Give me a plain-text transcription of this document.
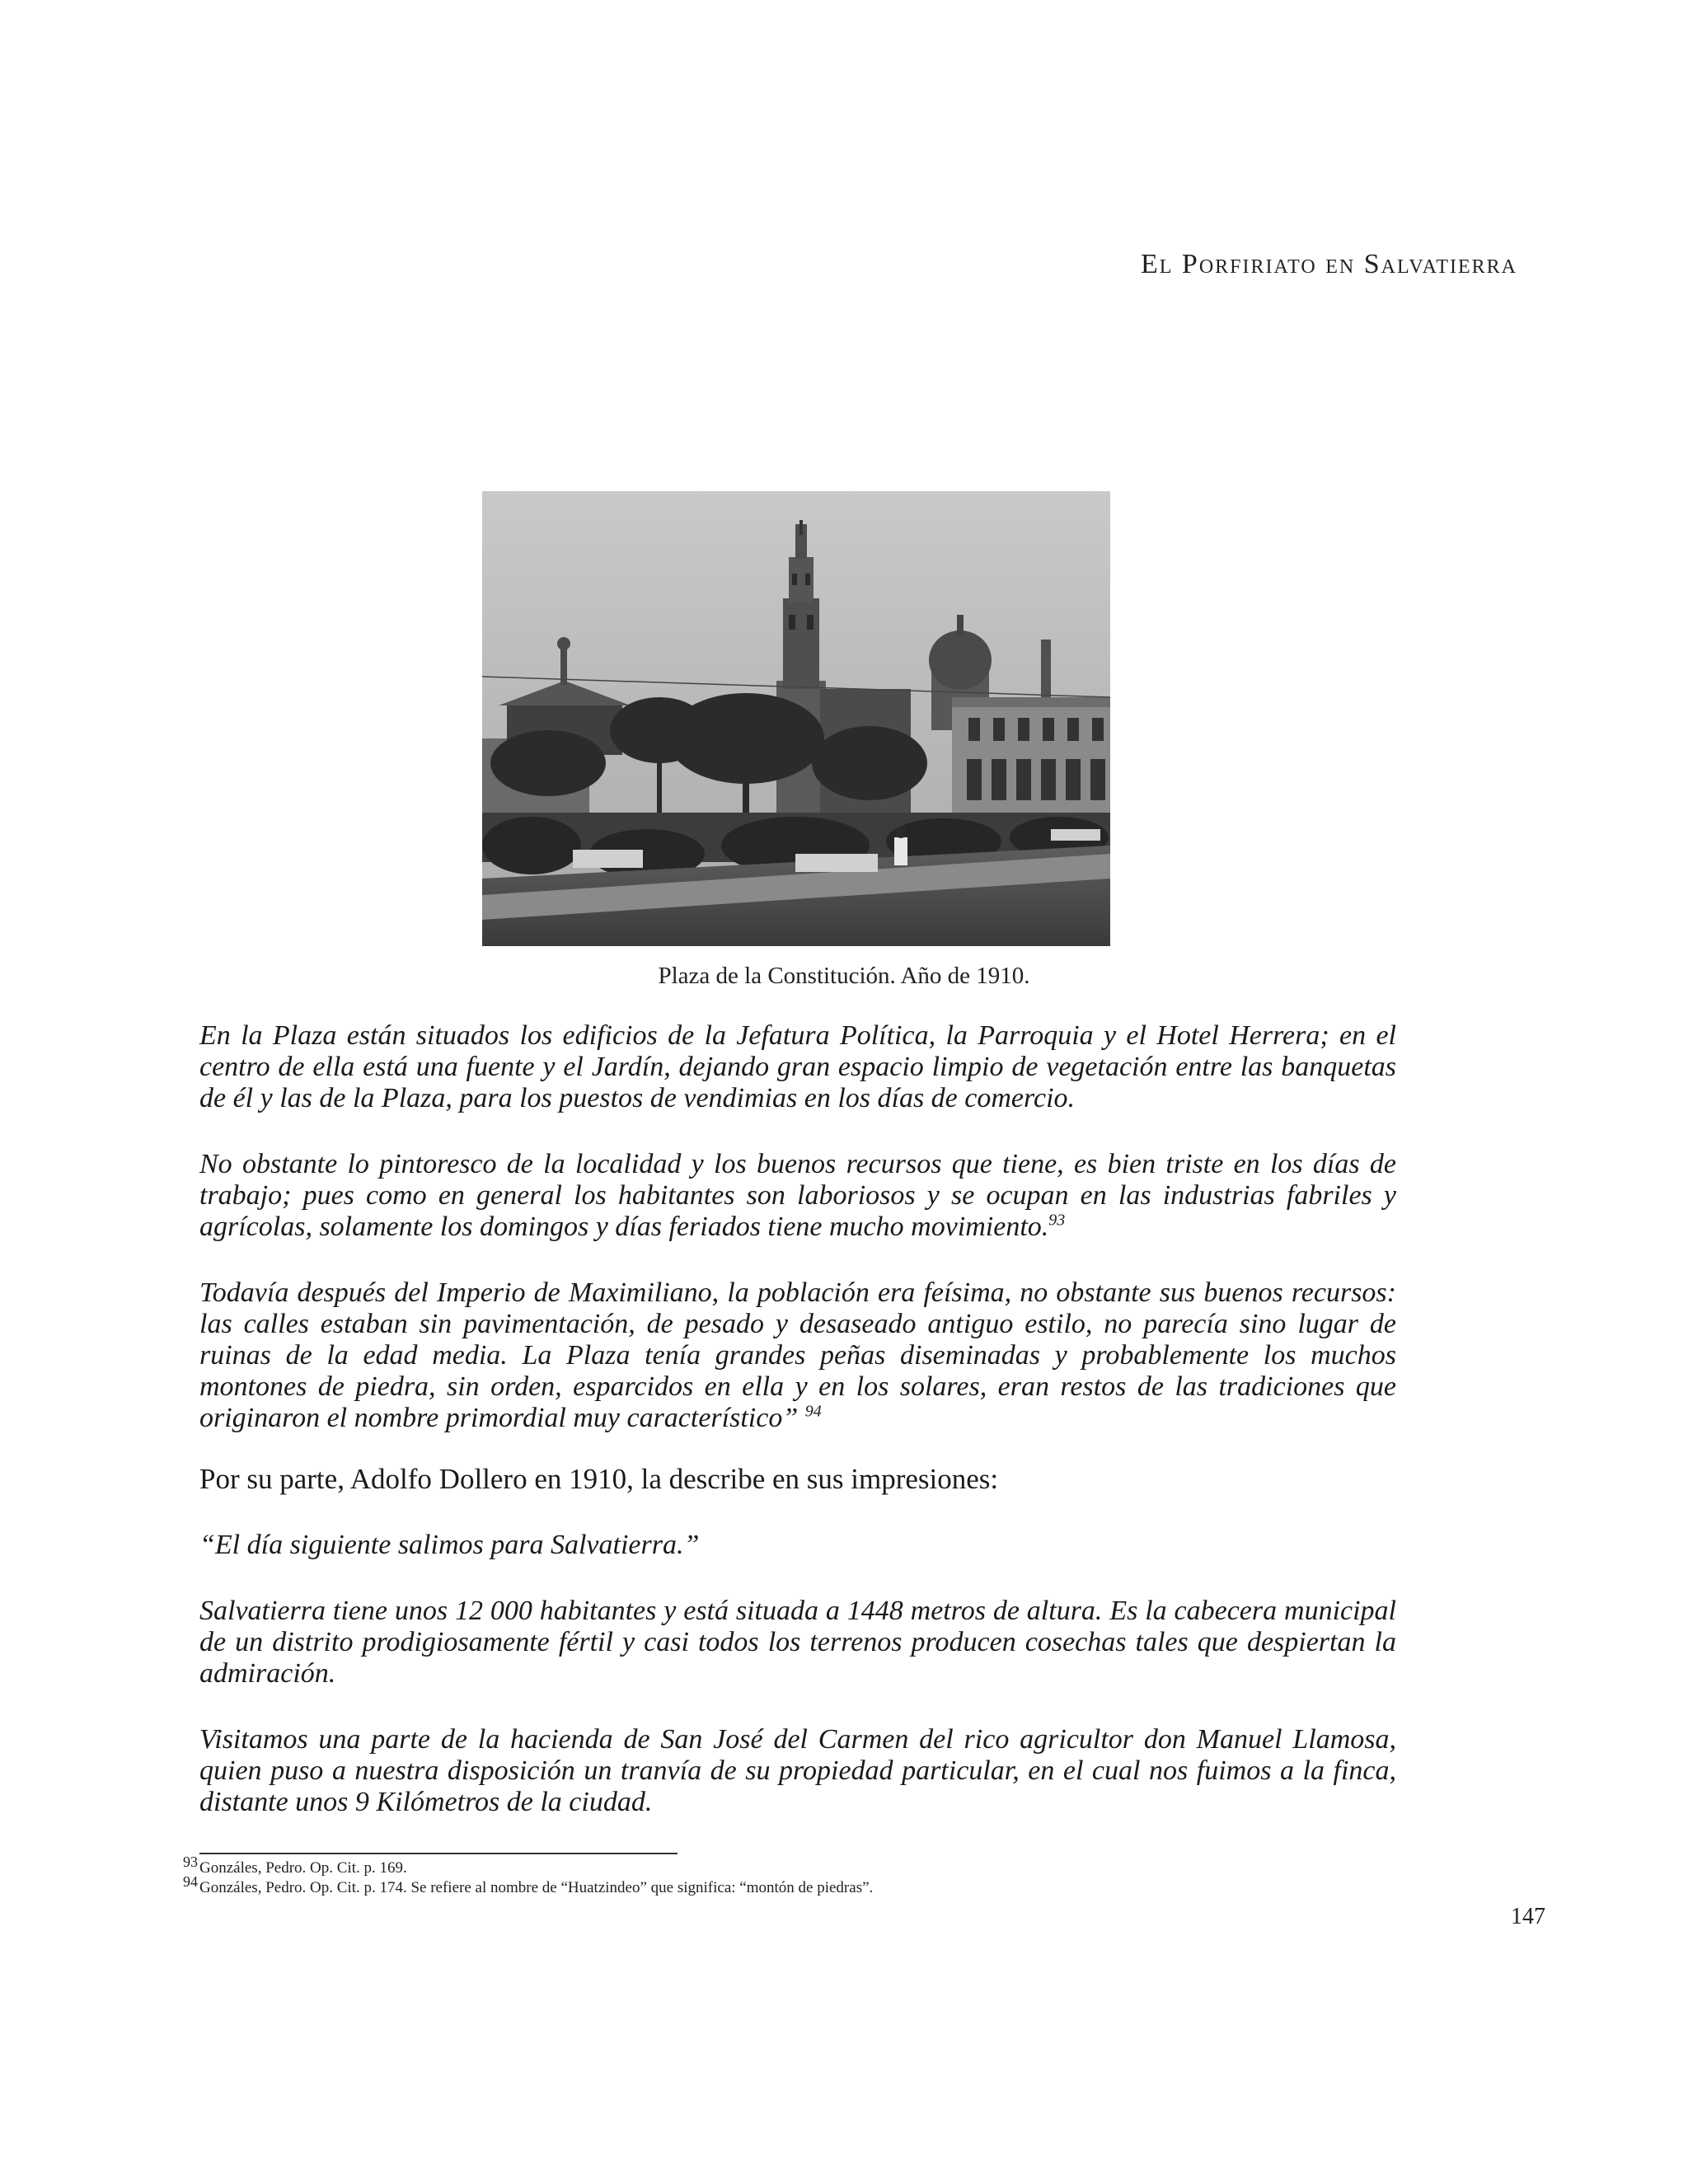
El Porfiriato en Salvatierra
Plaza de la Constitución. Año de 1910.

En la Plaza están situados los edificios de la Jefatura Política, la Parroquia y el Hotel Herrera; en el centro de ella está una fuente y el Jardín, dejando gran espacio limpio de vegetación entre las banquetas de él y las de la Plaza, para los puestos de vendimias en los días de comercio.

No obstante lo pintoresco de la localidad y los buenos recursos que tiene, es bien triste en los días de trabajo; pues como en general los habitantes son laboriosos y se ocupan en las industrias fabriles y agrícolas, solamente los domingos y días feriados tiene mucho movimiento.$^{93}$

Todavía después del Imperio de Maximiliano, la población era feísima, no obstante sus buenos recursos: las calles estaban sin pavimentación, de pesado y desaseado antiguo estilo, no parecía sino lugar de ruinas de la edad media. La Plaza tenía grandes peñas diseminadas y probablemente los muchos montones de piedra, sin orden, esparcidos en ella y en los solares, eran restos de las tradiciones que originaron el nombre primordial muy característico” $^{94}$

Por su parte, Adolfo Dollero en 1910, la describe en sus impresiones:

“El día siguiente salimos para Salvatierra.”

Salvatierra tiene unos 12 000 habitantes y está situada a 1448 metros de altura. Es la cabecera municipal de un distrito prodigiosamente fértil y casi todos los terrenos producen cosechas tales que despiertan la admiración.

Visitamos una parte de la hacienda de San José del Carmen del rico agricultor don Manuel Llamosa, quien puso a nuestra disposición un tranvía de su propiedad particular, en el cual nos fuimos a la finca, distante unos 9 Kilómetros de la ciudad.

93 Gonzáles, Pedro. Op. Cit. p. 169.
94 Gonzáles, Pedro. Op. Cit. p. 174. Se refiere al nombre de “Huatzindeo” que significa: “montón de piedras”.
147
